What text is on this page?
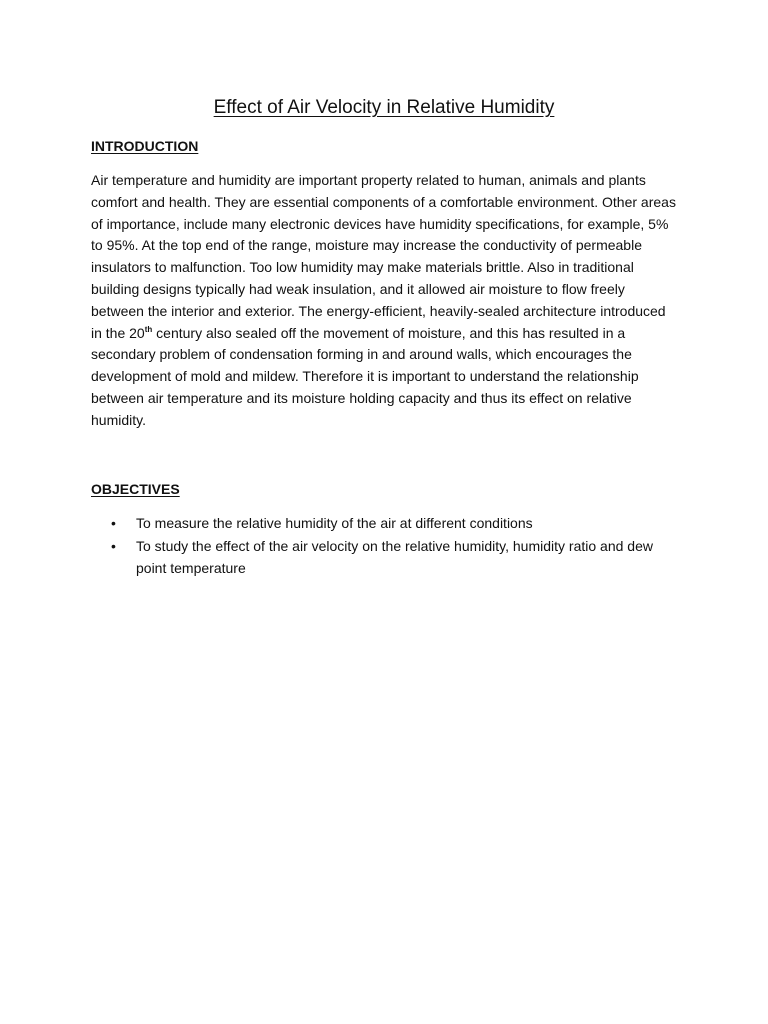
Effect of Air Velocity in Relative Humidity
INTRODUCTION

Air temperature and humidity are important property related to human, animals and plants
comfort and health. They are essential components of a comfortable environment. Other areas
of importance, include many electronic devices have humidity specifications, for example, 5%
to 95%. At the top end of the range, moisture may increase the conductivity of permeable
insulators to malfunction. Too low humidity may make materials brittle. Also in traditional
building designs typically had weak insulation, and it allowed air moisture to flow freely
between the interior and exterior. The energy-efficient, heavily-sealed architecture introduced
in the 20th century also sealed off the movement of moisture, and this has resulted in a
secondary problem of condensation forming in and around walls, which encourages the
development of mold and mildew. Therefore it is important to understand the relationship
between air temperature and its moisture holding capacity and thus its effect on relative
humidity.

OBJECTIVES
• To measure the relative humidity of the air at different conditions
• To study the effect of the air velocity on the relative humidity, humidity ratio and dew
point temperature
